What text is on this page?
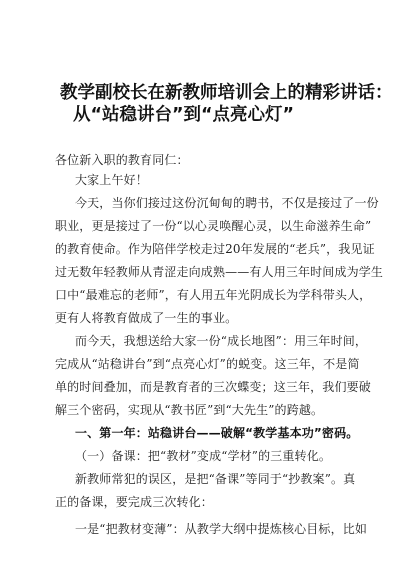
教学副校长在新教师培训会上的精彩讲话：
从“站稳讲台”到“点亮心灯”
各位新入职的教育同仁：
大家上午好！
今天，当你们接过这份沉甸甸的聘书，不仅是接过了一份
职业，更是接过了一份“以心灵唤醒心灵，以生命滋养生命”
的教育使命。作为陪伴学校走过20年发展的“老兵”，我见证
过无数年轻教师从青涩走向成熟——有人用三年时间成为学生
口中“最难忘的老师”，有人用五年光阴成长为学科带头人，
更有人将教育做成了一生的事业。
而今天，我想送给大家一份“成长地图”：用三年时间，
完成从“站稳讲台”到“点亮心灯”的蜕变。这三年，不是简
单的时间叠加，而是教育者的三次蝶变；这三年，我们要破
解三个密码，实现从“教书匠”到“大先生”的跨越。
一、第一年：站稳讲台——破解“教学基本功”密码。
（一）备课：把“教材”变成“学材”的三重转化。
新教师常犯的误区，是把“备课”等同于“抄教案”。真
正的备课，要完成三次转化：
一是“把教材变薄”：从教学大纲中提炼核心目标，比如
